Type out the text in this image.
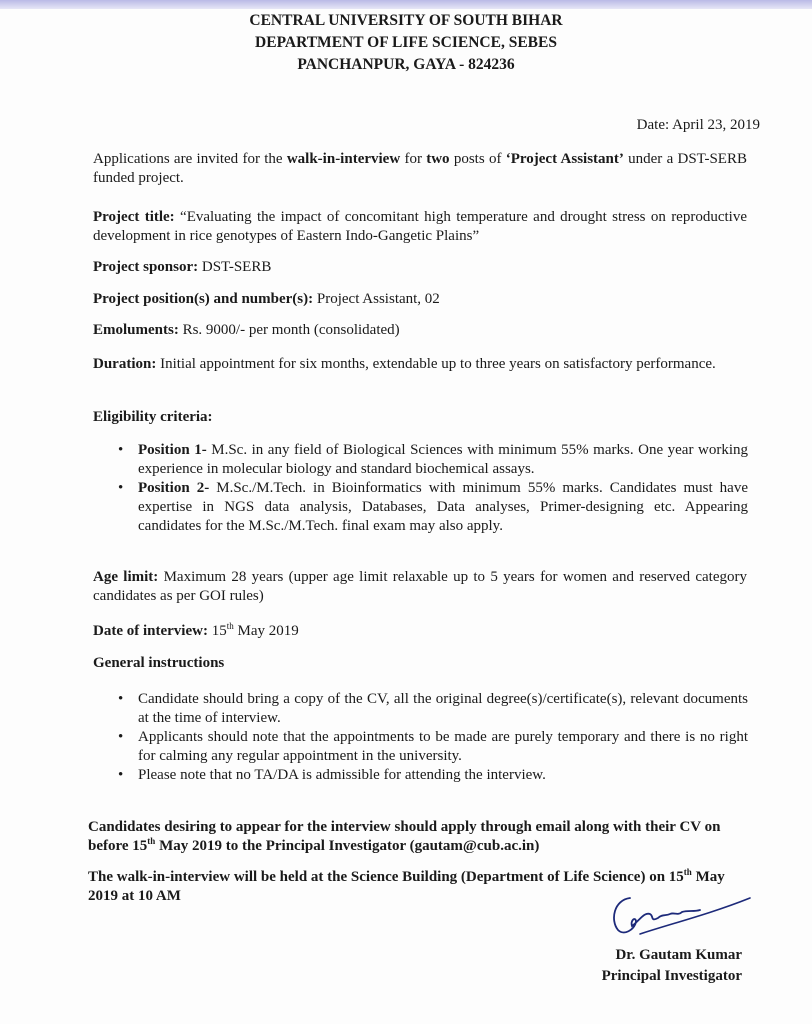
CENTRAL UNIVERSITY OF SOUTH BIHAR
DEPARTMENT OF LIFE SCIENCE, SEBES
PANCHANPUR, GAYA - 824236
Date: April 23, 2019
Applications are invited for the walk-in-interview for two posts of ‘Project Assistant’ under a DST-SERB funded project.
Project title: “Evaluating the impact of concomitant high temperature and drought stress on reproductive development in rice genotypes of Eastern Indo-Gangetic Plains”
Project sponsor: DST-SERB
Project position(s) and number(s): Project Assistant, 02
Emoluments: Rs. 9000/- per month (consolidated)
Duration: Initial appointment for six months, extendable up to three years on satisfactory performance.
Eligibility criteria:
• Position 1- M.Sc. in any field of Biological Sciences with minimum 55% marks. One year working experience in molecular biology and standard biochemical assays.
• Position 2- M.Sc./M.Tech. in Bioinformatics with minimum 55% marks. Candidates must have expertise in NGS data analysis, Databases, Data analyses, Primer-designing etc. Appearing candidates for the M.Sc./M.Tech. final exam may also apply.
Age limit: Maximum 28 years (upper age limit relaxable up to 5 years for women and reserved category candidates as per GOI rules)
Date of interview: 15th May 2019
General instructions
• Candidate should bring a copy of the CV, all the original degree(s)/certificate(s), relevant documents at the time of interview.
• Applicants should note that the appointments to be made are purely temporary and there is no right for calming any regular appointment in the university.
• Please note that no TA/DA is admissible for attending the interview.
Candidates desiring to appear for the interview should apply through email along with their CV on before 15th May 2019 to the Principal Investigator (gautam@cub.ac.in)
The walk-in-interview will be held at the Science Building (Department of Life Science) on 15th May 2019 at 10 AM
Dr. Gautam Kumar
Principal Investigator
